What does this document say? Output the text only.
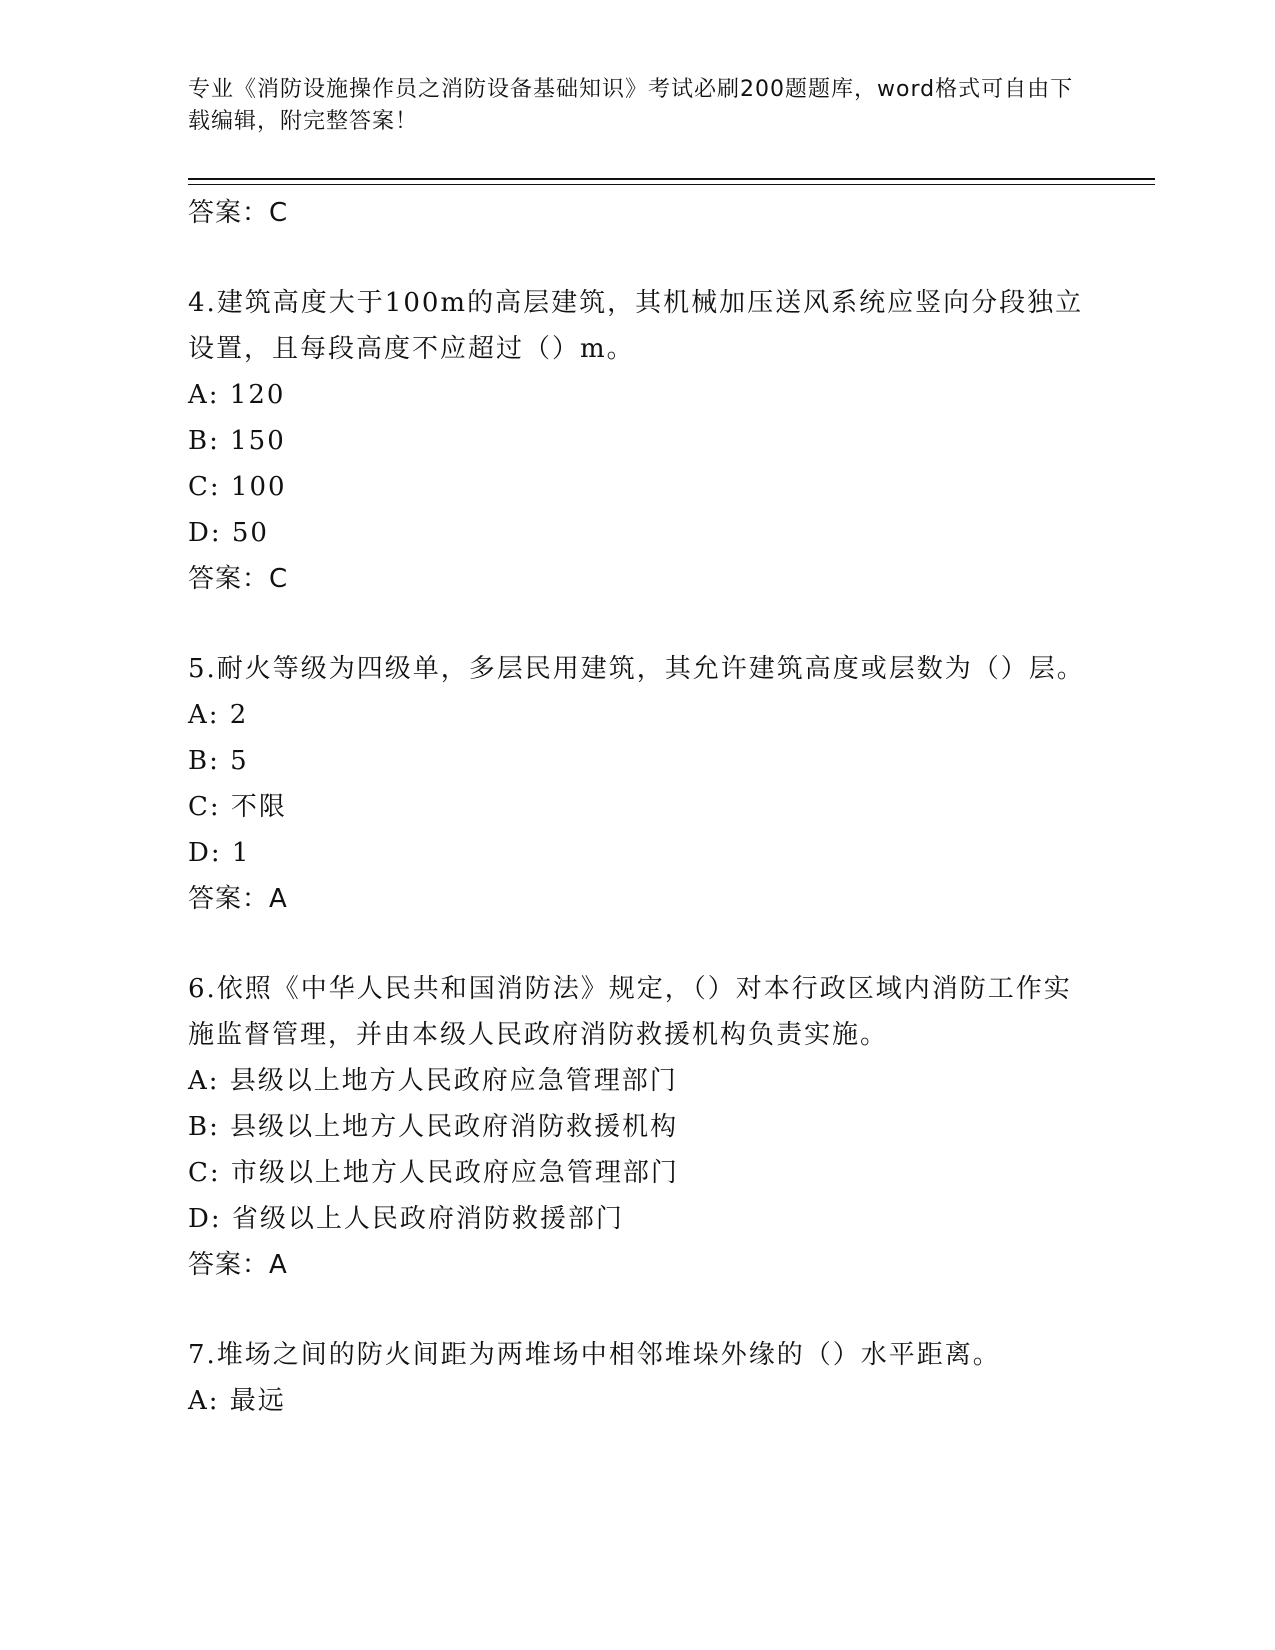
专业《消防设施操作员之消防设备基础知识》考试必刷200题题库，word格式可自由下载编辑，附完整答案！
答案：C
4.建筑高度大于100m的高层建筑，其机械加压送风系统应竖向分段独立设置，且每段高度不应超过（）m。
A: 120
B: 150
C: 100
D: 50
答案：C
5.耐火等级为四级单，多层民用建筑，其允许建筑高度或层数为（）层。
A: 2
B: 5
C: 不限
D: 1
答案：A
6.依照《中华人民共和国消防法》规定，（）对本行政区域内消防工作实施监督管理，并由本级人民政府消防救援机构负责实施。
A: 县级以上地方人民政府应急管理部门
B: 县级以上地方人民政府消防救援机构
C: 市级以上地方人民政府应急管理部门
D: 省级以上人民政府消防救援部门
答案：A
7.堆场之间的防火间距为两堆场中相邻堆垛外缘的（）水平距离。
A: 最远
